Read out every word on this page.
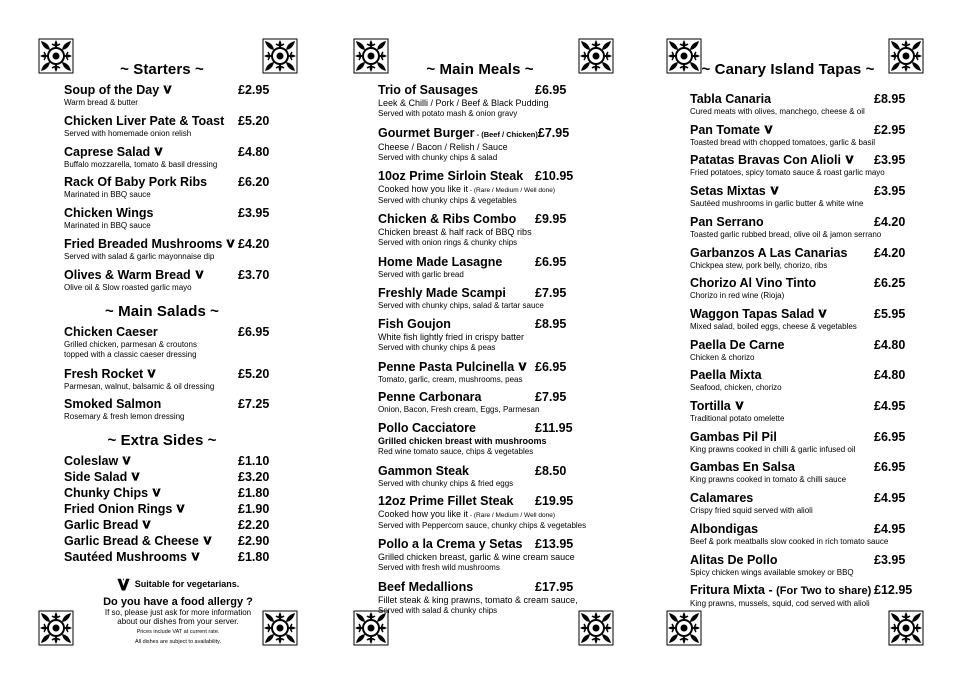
~ Starters ~
Soup of the Day	£2.95
Warm bread & butter
Chicken Liver Pate & Toast £5.20
Served with homemade onion relish
Caprese Salad	£4.80
Buffalo mozzarella, tomato & basil dressing
Rack Of Baby Pork Ribs £6.20
Marinated in BBQ sauce
Chicken Wings	£3.95
Marinated in BBQ sauce
Fried Breaded Mushrooms	£4.20
Served with salad & garlic mayonnaise dip
Olives & Warm Bread	£3.70
Olive oil & Slow roasted garlic mayo
~ Main Salads ~
Chicken Caeser	£6.95
Grilled chicken, parmesan & croutons
topped with a classic caeser dressing
Fresh Rocket	£5.20
Parmesan, walnut, balsamic & oil dressing
Smoked Salmon	£7.25
Rosemary & fresh lemon dressing
~ Extra Sides ~
Coleslaw	£1.10
Side Salad	£3.20
Chunky Chips	£1.80
Fried Onion Rings	£1.90
Garlic Bread	£2.20
Garlic Bread & Cheese	£2.90
Sautéed Mushrooms	£1.80
Suitable for vegetarians.
Do you have a food allergy ?
If so, please just ask for more information
about our dishes from your server.
Prices include VAT at current rate.
All dishes are subject to availability.
~ Main Meals ~
Trio of Sausages	£6.95
Leek & Chilli / Pork / Beef & Black Pudding
Served with potato mash & onion gravy
Gourmet Burger - (Beef / Chicken) £7.95
Cheese / Bacon / Relish / Sauce
Served with chunky chips & salad
10oz Prime Sirloin Steak £10.95
Cooked how you like it - (Rare / Medium / Well done)
Served with chunky chips & vegetables
Chicken & Ribs Combo £9.95
Chicken breast & half rack of BBQ ribs
Served with onion rings & chunky chips
Home Made Lasagne	£6.95
Served with garlic bread
Freshly Made Scampi £7.95
Served with chunky chips, salad & tartar sauce
Fish Goujon	£8.95
White fish lightly fried in crispy batter
Served with chunky chips & peas
Penne Pasta Pulcinella	£6.95
Tomato, garlic, cream, mushrooms, peas
Penne Carbonara	£7.95
Onion, Bacon, Fresh cream, Eggs, Parmesan
Pollo Cacciatore	£11.95
Grilled chicken breast with mushrooms
Red wine tomato sauce, chips & vegetables
Gammon Steak	£8.50
Served with chunky chips & fried eggs
12oz Prime Fillet Steak £19.95
Cooked how you like it - (Rare / Medium / Well done)
Served with Peppercorn sauce, chunky chips & vegetables
Pollo a la Crema y Setas £13.95
Grilled chicken breast, garlic & wine cream sauce
Served with fresh wild mushrooms
Beef Medallions	£17.95
Fillet steak & king prawns, tomato & cream sauce,
Served with salad & chunky chips
~ Canary Island Tapas ~
Tabla Canaria	£8.95
Cured meats with olives, manchego, cheese & oil
Pan Tomate	£2.95
Toasted bread with chopped tomatoes, garlic & basil
Patatas Bravas Con Alioli	£3.95
Fried potatoes, spicy tomato sauce & roast garlic mayo
Setas Mixtas	£3.95
Sautéed mushrooms in garlic butter & white wine
Pan Serrano	£4.20
Toasted garlic rubbed bread, olive oil & jamon serrano
Garbanzos A Las Canarias £4.20
Chickpea stew, pork belly, chorizo, ribs
Chorizo Al Vino Tinto	£6.25
Chorizo in red wine (Rioja)
Waggon Tapas Salad	£5.95
Mixed salad, boiled eggs, cheese & vegetables
Paella De Carne	£4.80
Chicken & chorizo
Paella Mixta	£4.80
Seafood, chicken, chorizo
Tortilla	£4.95
Traditional potato omelette
Gambas Pil Pil	£6.95
King prawns cooked in chilli & garlic infused oil
Gambas En Salsa	£6.95
King prawns cooked in tomato & chilli sauce
Calamares	£4.95
Crispy fried squid served with alioli
Albondigas	£4.95
Beef & pork meatballs slow cooked in rich tomato sauce
Alitas De Pollo	£3.95
Spicy chicken wings available smokey or BBQ
Fritura Mixta - (For Two to share) £12.95
King prawns, mussels, squid, cod served with alioli
